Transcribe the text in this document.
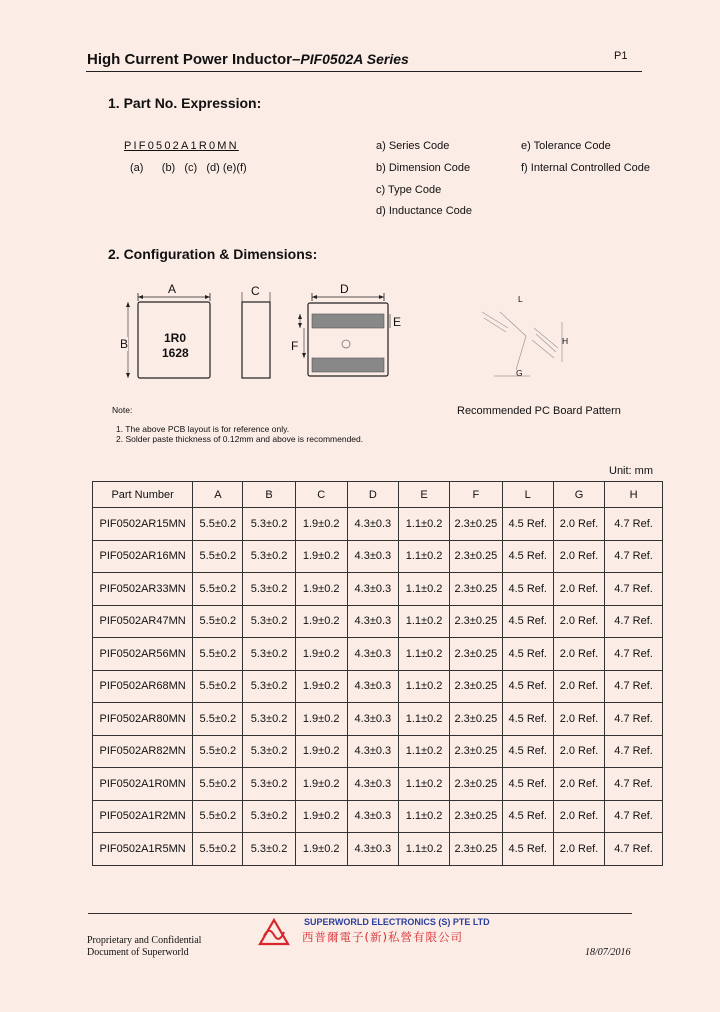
High Current Power Inductor–PIF0502A Series	P1
1. Part No. Expression:
PIF0502A1R0MN
(a)      (b)   (c)   (d) (e)(f)
a) Series Code
b) Dimension Code
c) Type Code
d) Inductance Code
e) Tolerance Code
f) Internal Controlled Code
2. Configuration & Dimensions:
A
B	1R0
1628
C	D
E
F
L
H
G
Recommended PC Board Pattern
Note:
1. The above PCB layout is for reference only.
2. Solder paste thickness of 0.12mm and above is recommended.
Unit: mm
Part Number	A	B	C	D	E	F	L	G	H
PIF0502AR15MN	5.5±0.2	5.3±0.2	1.9±0.2	4.3±0.3	1.1±0.2	2.3±0.25	4.5 Ref.	2.0 Ref.	4.7 Ref.
PIF0502AR16MN	5.5±0.2	5.3±0.2	1.9±0.2	4.3±0.3	1.1±0.2	2.3±0.25	4.5 Ref.	2.0 Ref.	4.7 Ref.
PIF0502AR33MN	5.5±0.2	5.3±0.2	1.9±0.2	4.3±0.3	1.1±0.2	2.3±0.25	4.5 Ref.	2.0 Ref.	4.7 Ref.
PIF0502AR47MN	5.5±0.2	5.3±0.2	1.9±0.2	4.3±0.3	1.1±0.2	2.3±0.25	4.5 Ref.	2.0 Ref.	4.7 Ref.
PIF0502AR56MN	5.5±0.2	5.3±0.2	1.9±0.2	4.3±0.3	1.1±0.2	2.3±0.25	4.5 Ref.	2.0 Ref.	4.7 Ref.
PIF0502AR68MN	5.5±0.2	5.3±0.2	1.9±0.2	4.3±0.3	1.1±0.2	2.3±0.25	4.5 Ref.	2.0 Ref.	4.7 Ref.
PIF0502AR80MN	5.5±0.2	5.3±0.2	1.9±0.2	4.3±0.3	1.1±0.2	2.3±0.25	4.5 Ref.	2.0 Ref.	4.7 Ref.
PIF0502AR82MN	5.5±0.2	5.3±0.2	1.9±0.2	4.3±0.3	1.1±0.2	2.3±0.25	4.5 Ref.	2.0 Ref.	4.7 Ref.
PIF0502A1R0MN	5.5±0.2	5.3±0.2	1.9±0.2	4.3±0.3	1.1±0.2	2.3±0.25	4.5 Ref.	2.0 Ref.	4.7 Ref.
PIF0502A1R2MN	5.5±0.2	5.3±0.2	1.9±0.2	4.3±0.3	1.1±0.2	2.3±0.25	4.5 Ref.	2.0 Ref.	4.7 Ref.
PIF0502A1R5MN	5.5±0.2	5.3±0.2	1.9±0.2	4.3±0.3	1.1±0.2	2.3±0.25	4.5 Ref.	2.0 Ref.	4.7 Ref.
Proprietary and Confidential
Document of Superworld
SUPERWORLD ELECTRONICS (S) PTE LTD
西普爾電子(新)私營有限公司
18/07/2016
